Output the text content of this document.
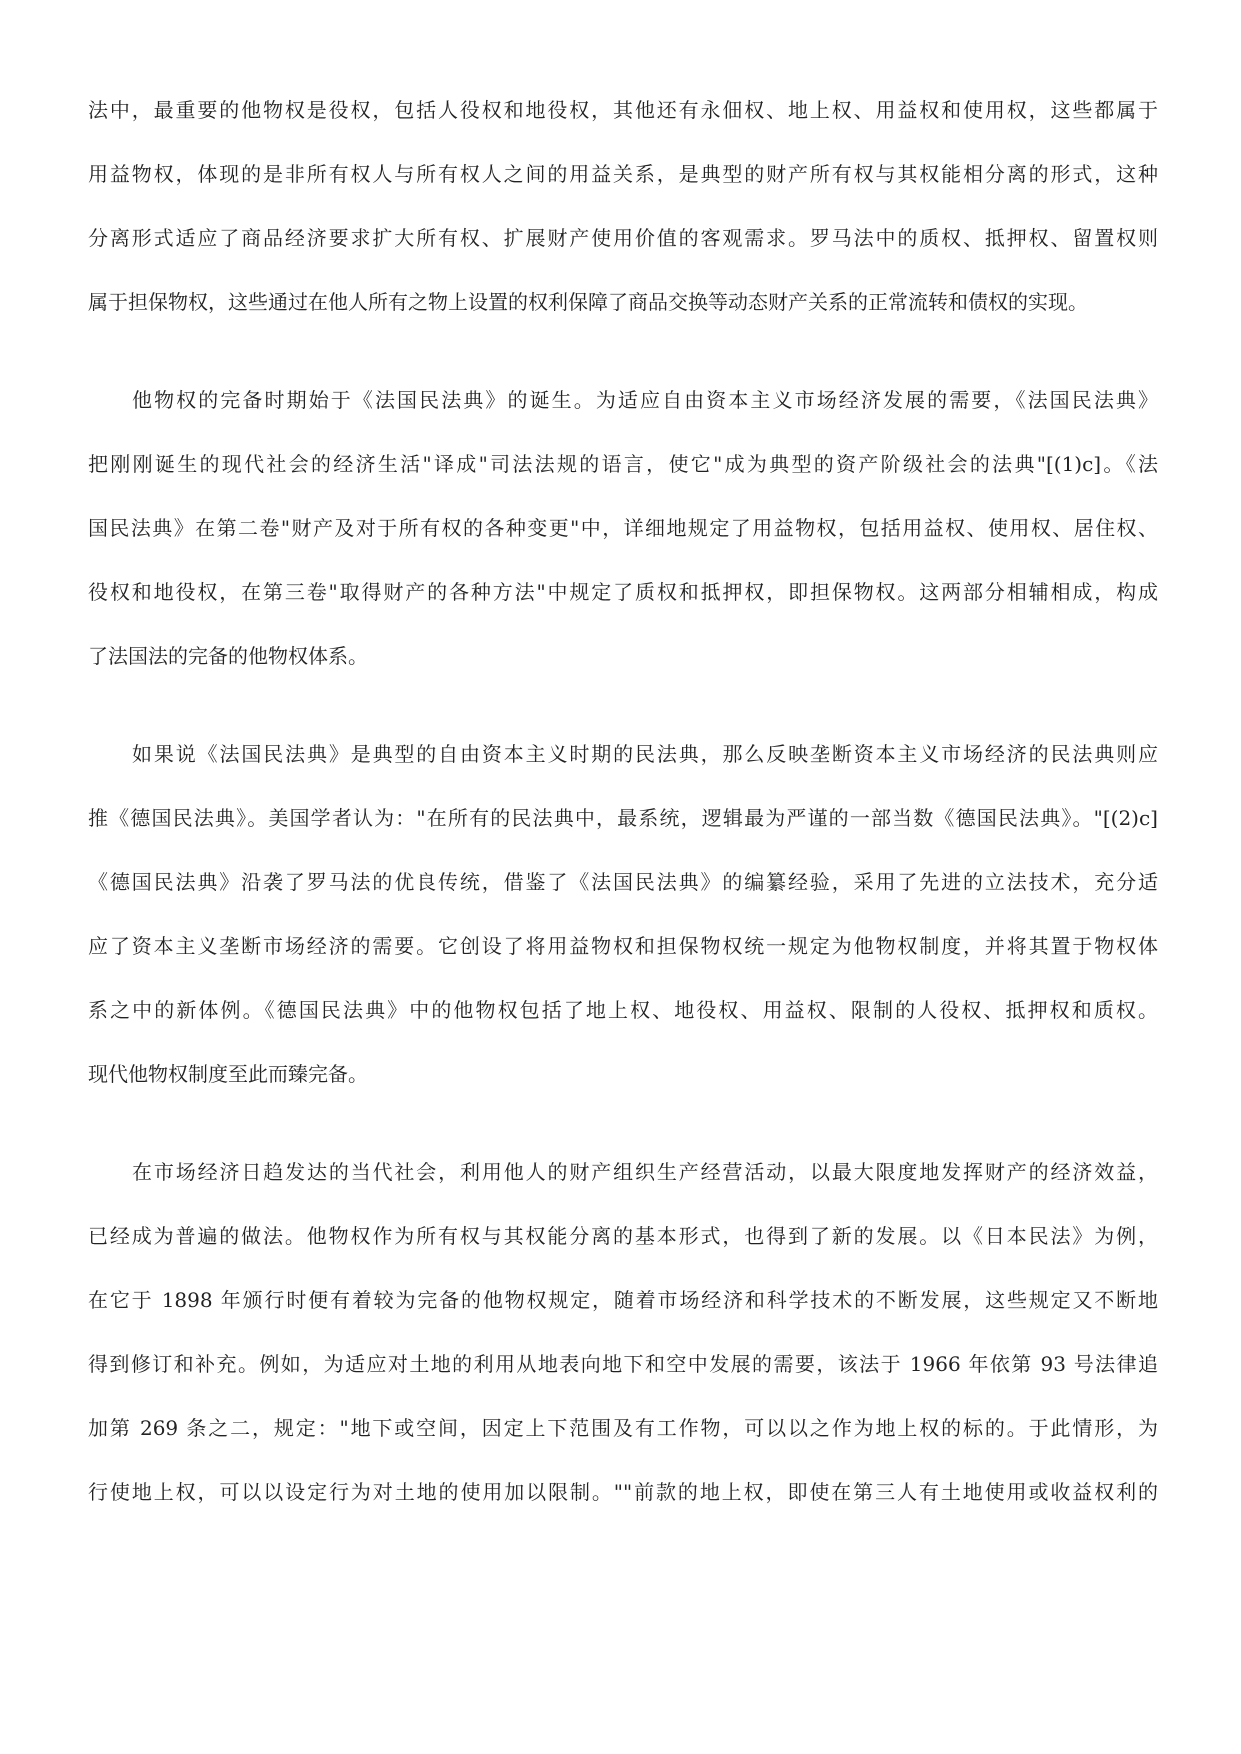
法中，最重要的他物权是役权，包括人役权和地役权，其他还有永佃权、地上权、用益权和使用权，这些都属于
用益物权，体现的是非所有权人与所有权人之间的用益关系，是典型的财产所有权与其权能相分离的形式，这种
分离形式适应了商品经济要求扩大所有权、扩展财产使用价值的客观需求。罗马法中的质权、抵押权、留置权则
属于担保物权，这些通过在他人所有之物上设置的权利保障了商品交换等动态财产关系的正常流转和债权的实现。
他物权的完备时期始于《法国民法典》的诞生。为适应自由资本主义市场经济发展的需要，《法国民法典》
把刚刚诞生的现代社会的经济生活"译成"司法法规的语言，使它"成为典型的资产阶级社会的法典"[(1)c]。《法
国民法典》在第二卷"财产及对于所有权的各种变更"中，详细地规定了用益物权，包括用益权、使用权、居住权、
役权和地役权，在第三卷"取得财产的各种方法"中规定了质权和抵押权，即担保物权。这两部分相辅相成，构成
了法国法的完备的他物权体系。
如果说《法国民法典》是典型的自由资本主义时期的民法典，那么反映垄断资本主义市场经济的民法典则应
推《德国民法典》。美国学者认为："在所有的民法典中，最系统，逻辑最为严谨的一部当数《德国民法典》。"[(2)c]
《德国民法典》沿袭了罗马法的优良传统，借鉴了《法国民法典》的编纂经验，采用了先进的立法技术，充分适
应了资本主义垄断市场经济的需要。它创设了将用益物权和担保物权统一规定为他物权制度，并将其置于物权体
系之中的新体例。《德国民法典》中的他物权包括了地上权、地役权、用益权、限制的人役权、抵押权和质权。
现代他物权制度至此而臻完备。
在市场经济日趋发达的当代社会，利用他人的财产组织生产经营活动，以最大限度地发挥财产的经济效益，
已经成为普遍的做法。他物权作为所有权与其权能分离的基本形式，也得到了新的发展。以《日本民法》为例，
在它于 1898 年颁行时便有着较为完备的他物权规定，随着市场经济和科学技术的不断发展，这些规定又不断地
得到修订和补充。例如，为适应对土地的利用从地表向地下和空中发展的需要，该法于 1966 年依第 93 号法律追
加第 269 条之二，规定："地下或空间，因定上下范围及有工作物，可以以之作为地上权的标的。于此情形，为
行使地上权，可以以设定行为对土地的使用加以限制。""前款的地上权，即使在第三人有土地使用或收益权利的
